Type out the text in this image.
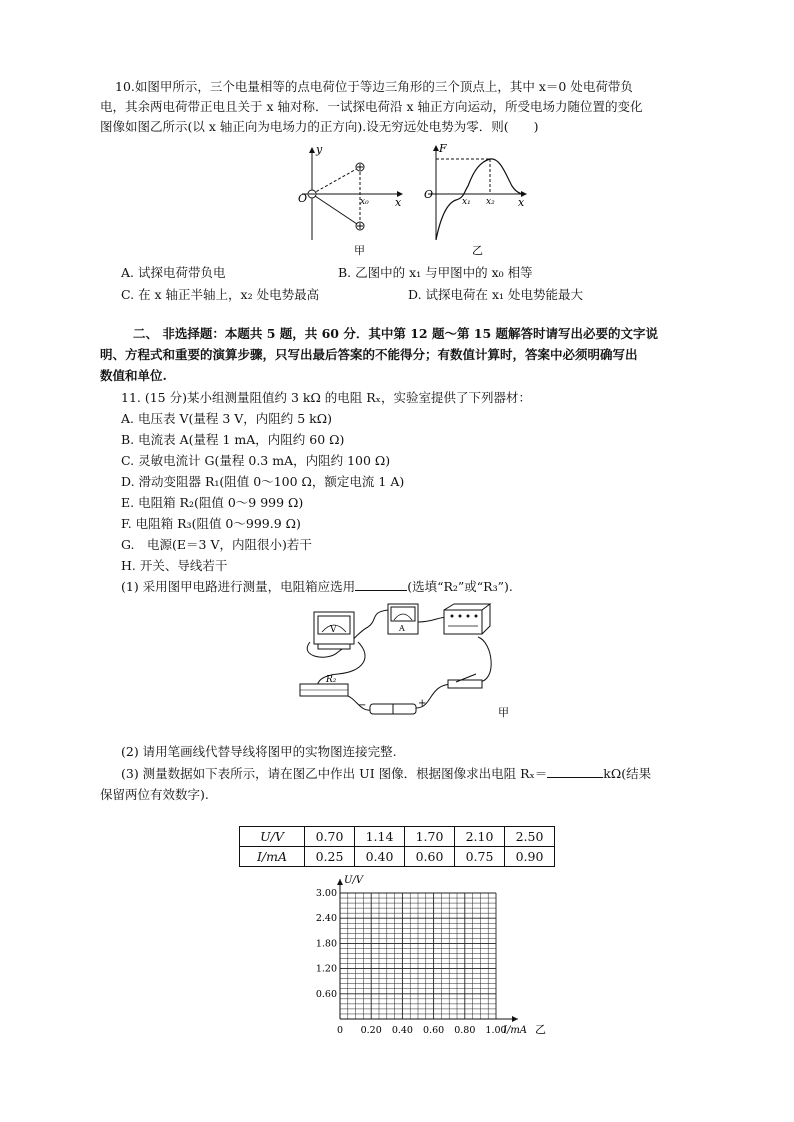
10.如图甲所示，三个电量相等的点电荷位于等边三角形的三个顶点上，其中 x＝0 处电荷带负
电，其余两电荷带正电且关于 x 轴对称．一试探电荷沿 x 轴正方向运动，所受电场力随位置的变化
图像如图乙所示(以 x 轴正向为电场力的正方向).设无穷远处电势为零．则(　　)
y
x
O	x₀
甲
F
x
O
x₁ x₂
乙
A. 试探电荷带负电	B. 乙图中的 x₁ 与甲图中的 x₀ 相等
C. 在 x 轴正半轴上，x₂ 处电势最高	D. 试探电荷在 x₁ 处电势能最大
二、 非选择题：本题共 5 题，共 60 分．其中第 12 题～第 15 题解答时请写出必要的文字说
明、方程式和重要的演算步骤，只写出最后答案的不能得分；有数值计算时，答案中必须明确写出
数值和单位.
11. (15 分)某小组测量阻值约 3 kΩ 的电阻 Rₓ，实验室提供了下列器材：
A. 电压表 V(量程 3 V，内阻约 5 kΩ)
B. 电流表 A(量程 1 mA，内阻约 60 Ω)
C. 灵敏电流计 G(量程 0.3 mA，内阻约 100 Ω)
D. 滑动变阻器 R₁(阻值 0～100 Ω，额定电流 1 A)
E. 电阻箱 R₂(阻值 0～9 999 Ω)
F. 电阻箱 R₃(阻值 0～999.9 Ω)
G.　电源(E＝3 V，内阻很小)若干
H. 开关、导线若干
(1) 采用图甲电路进行测量，电阻箱应选用	(选填“R₂”或“R₃”).
V	A
R₂
−	+
甲
(2) 请用笔画线代替导线将图甲的实物图连接完整.
(3) 测量数据如下表所示，请在图乙中作出 UI 图像．根据图像求出电阻 Rₓ＝	kΩ(结果
保留两位有效数字).
U/V	0.70	1.14	1.70	2.10	2.50
I/mA	0.25	0.40	0.60	0.75	0.90
0 0.20 0.40 0.60 0.80 1.00
0.60
1.20
1.80
2.40
3.00
I/mA 乙
U/V
